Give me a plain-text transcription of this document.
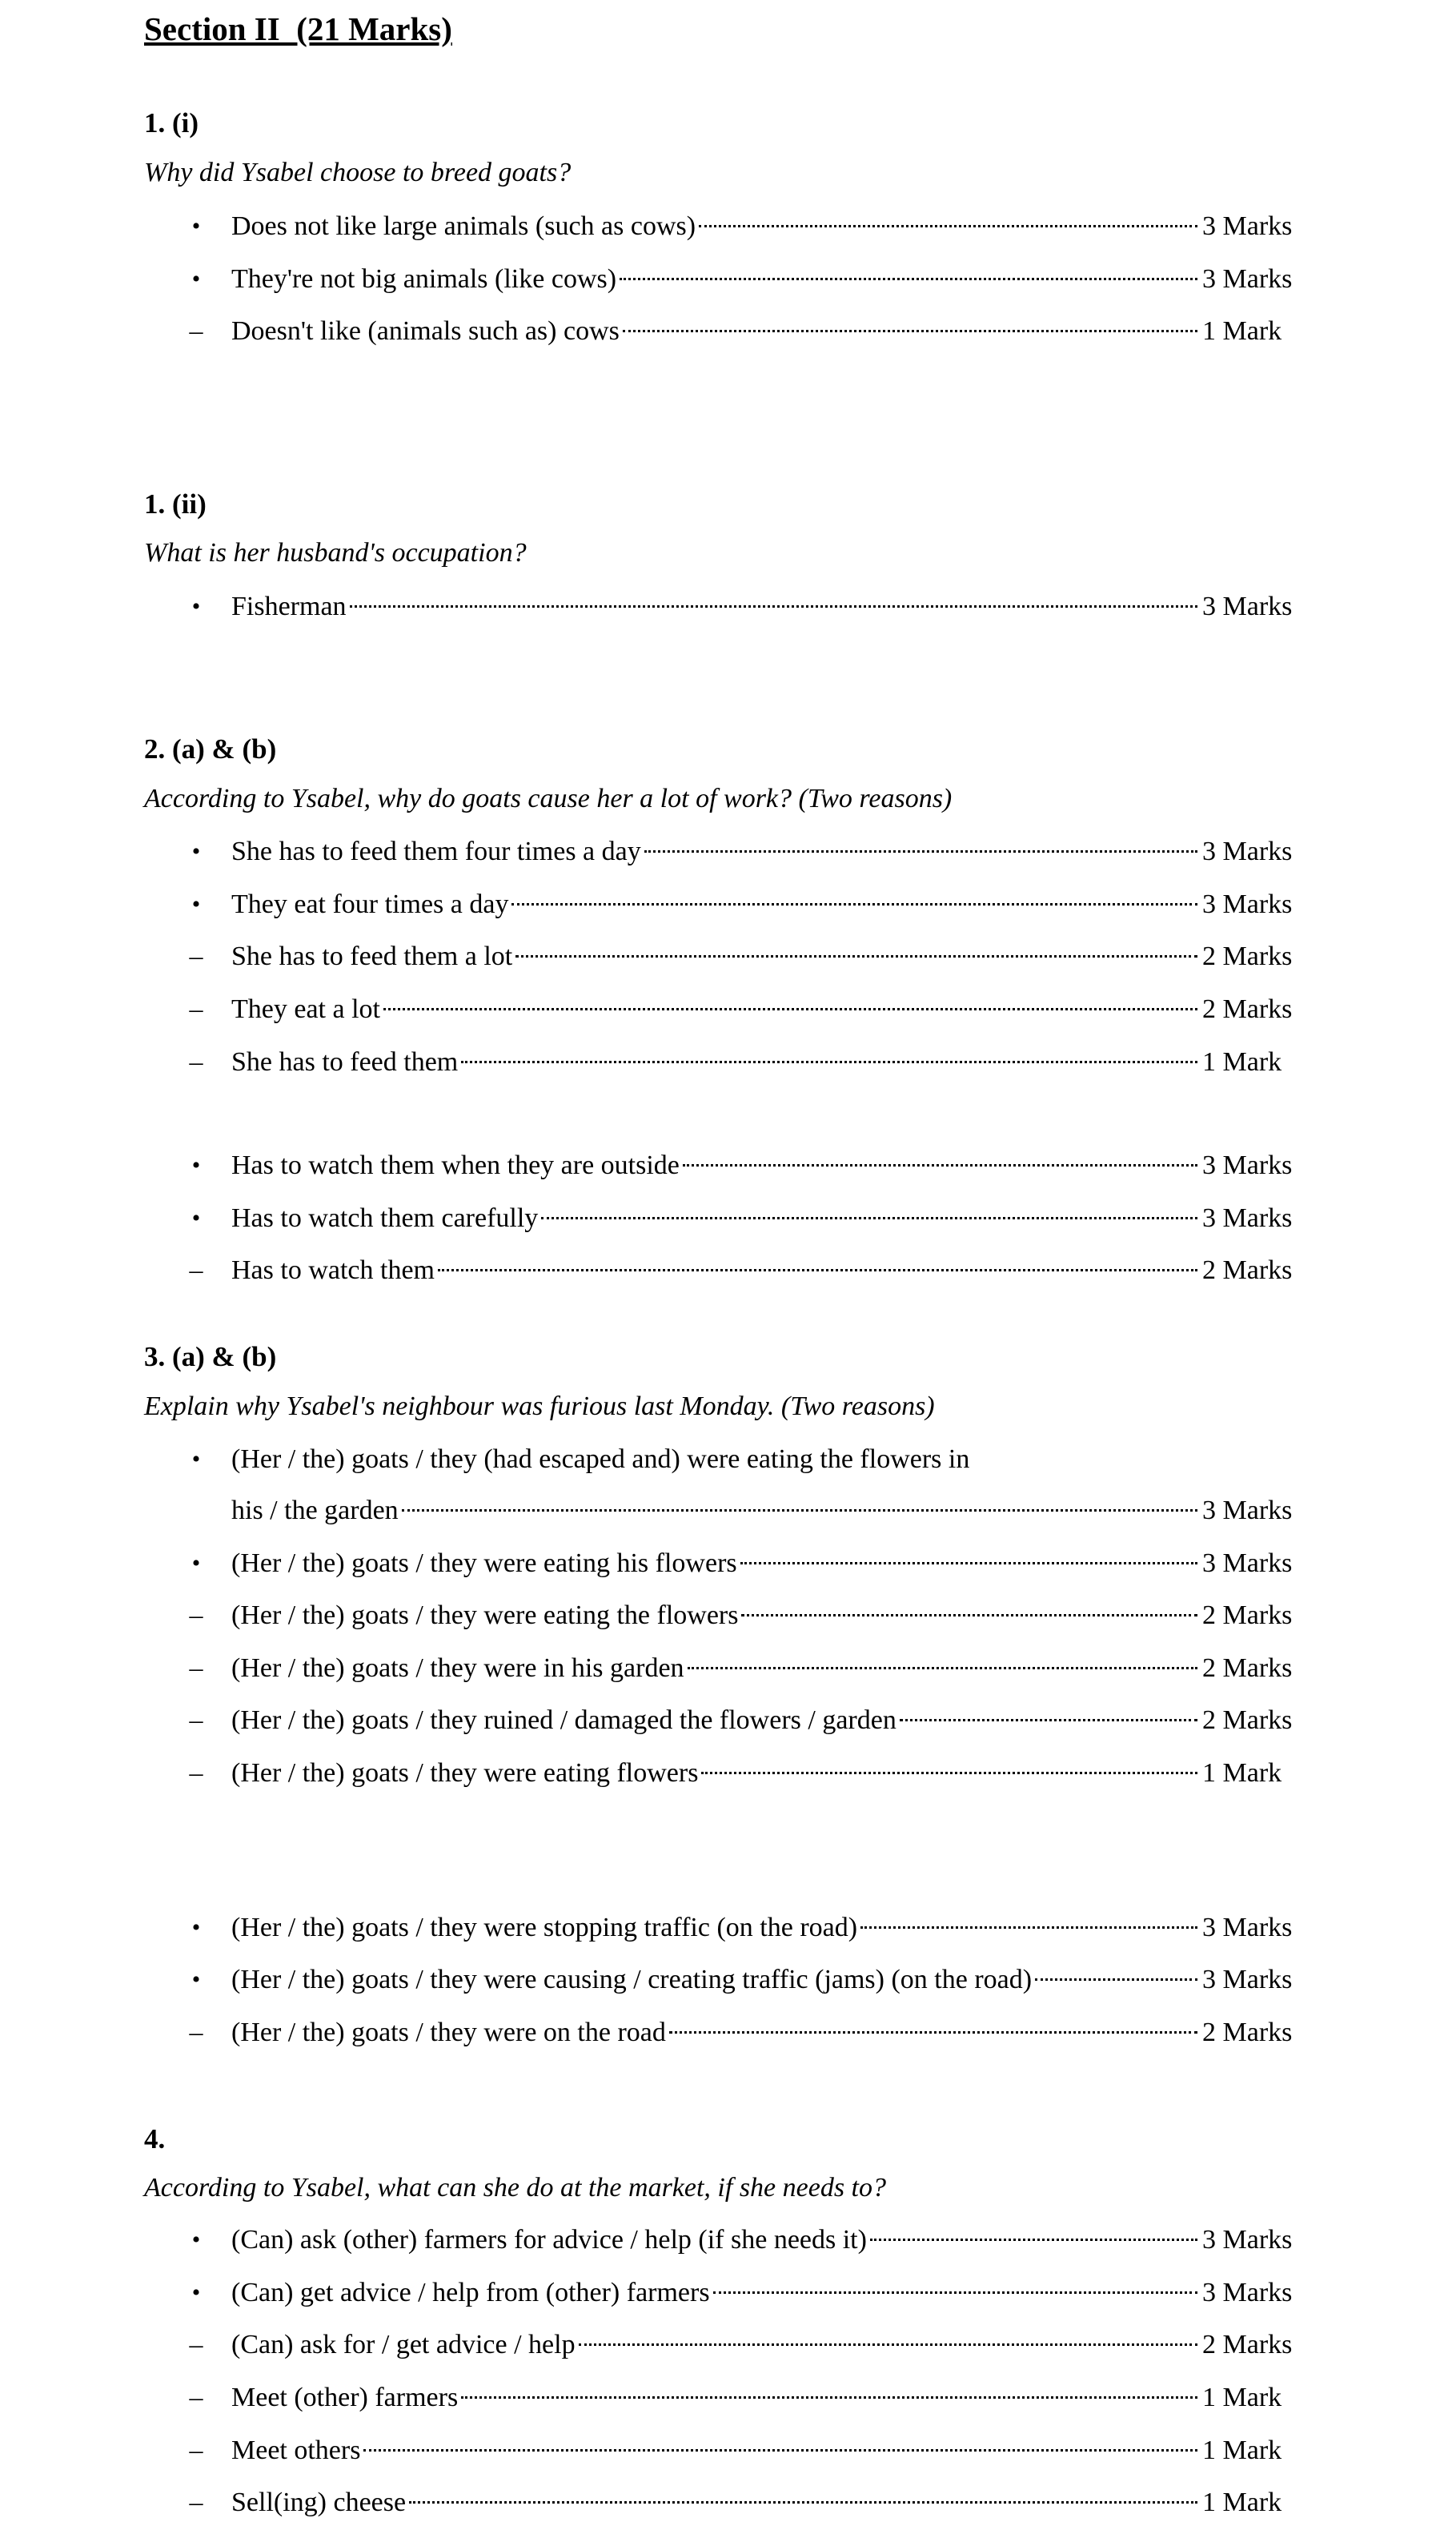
Section II  (21 Marks)
1. (i)
Why did Ysabel choose to breed goats?
• Does not like large animals (such as cows)	3 Marks
• They're not big animals (like cows)	3 Marks
– Doesn't like (animals such as) cows	1 Mark
1. (ii)
What is her husband's occupation?
• Fisherman	3 Marks
2. (a) & (b)
According to Ysabel, why do goats cause her a lot of work? (Two reasons)
• She has to feed them four times a day	3 Marks
• They eat four times a day	3 Marks
– She has to feed them a lot	2 Marks
– They eat a lot	2 Marks
– She has to feed them	1 Mark
• Has to watch them when they are outside	3 Marks
• Has to watch them carefully	3 Marks
– Has to watch them	2 Marks
3. (a) & (b)
Explain why Ysabel's neighbour was furious last Monday. (Two reasons)
• (Her / the) goats / they (had escaped and) were eating the flowers in
his / the garden	3 Marks
• (Her / the) goats / they were eating his flowers	3 Marks
– (Her / the) goats / they were eating the flowers	2 Marks
– (Her / the) goats / they were in his garden	2 Marks
– (Her / the) goats / they ruined / damaged the flowers / garden	2 Marks
– (Her / the) goats / they were eating flowers	1 Mark
• (Her / the) goats / they were stopping traffic (on the road)	3 Marks
• (Her / the) goats / they were causing / creating traffic (jams) (on the road)	3 Marks
– (Her / the) goats / they were on the road	2 Marks
4.
According to Ysabel, what can she do at the market, if she needs to?
• (Can) ask (other) farmers for advice / help (if she needs it)	3 Marks
• (Can) get advice / help from (other) farmers	3 Marks
– (Can) ask for / get advice / help	2 Marks
– Meet (other) farmers	1 Mark
– Meet others	1 Mark
– Sell(ing) cheese	1 Mark
